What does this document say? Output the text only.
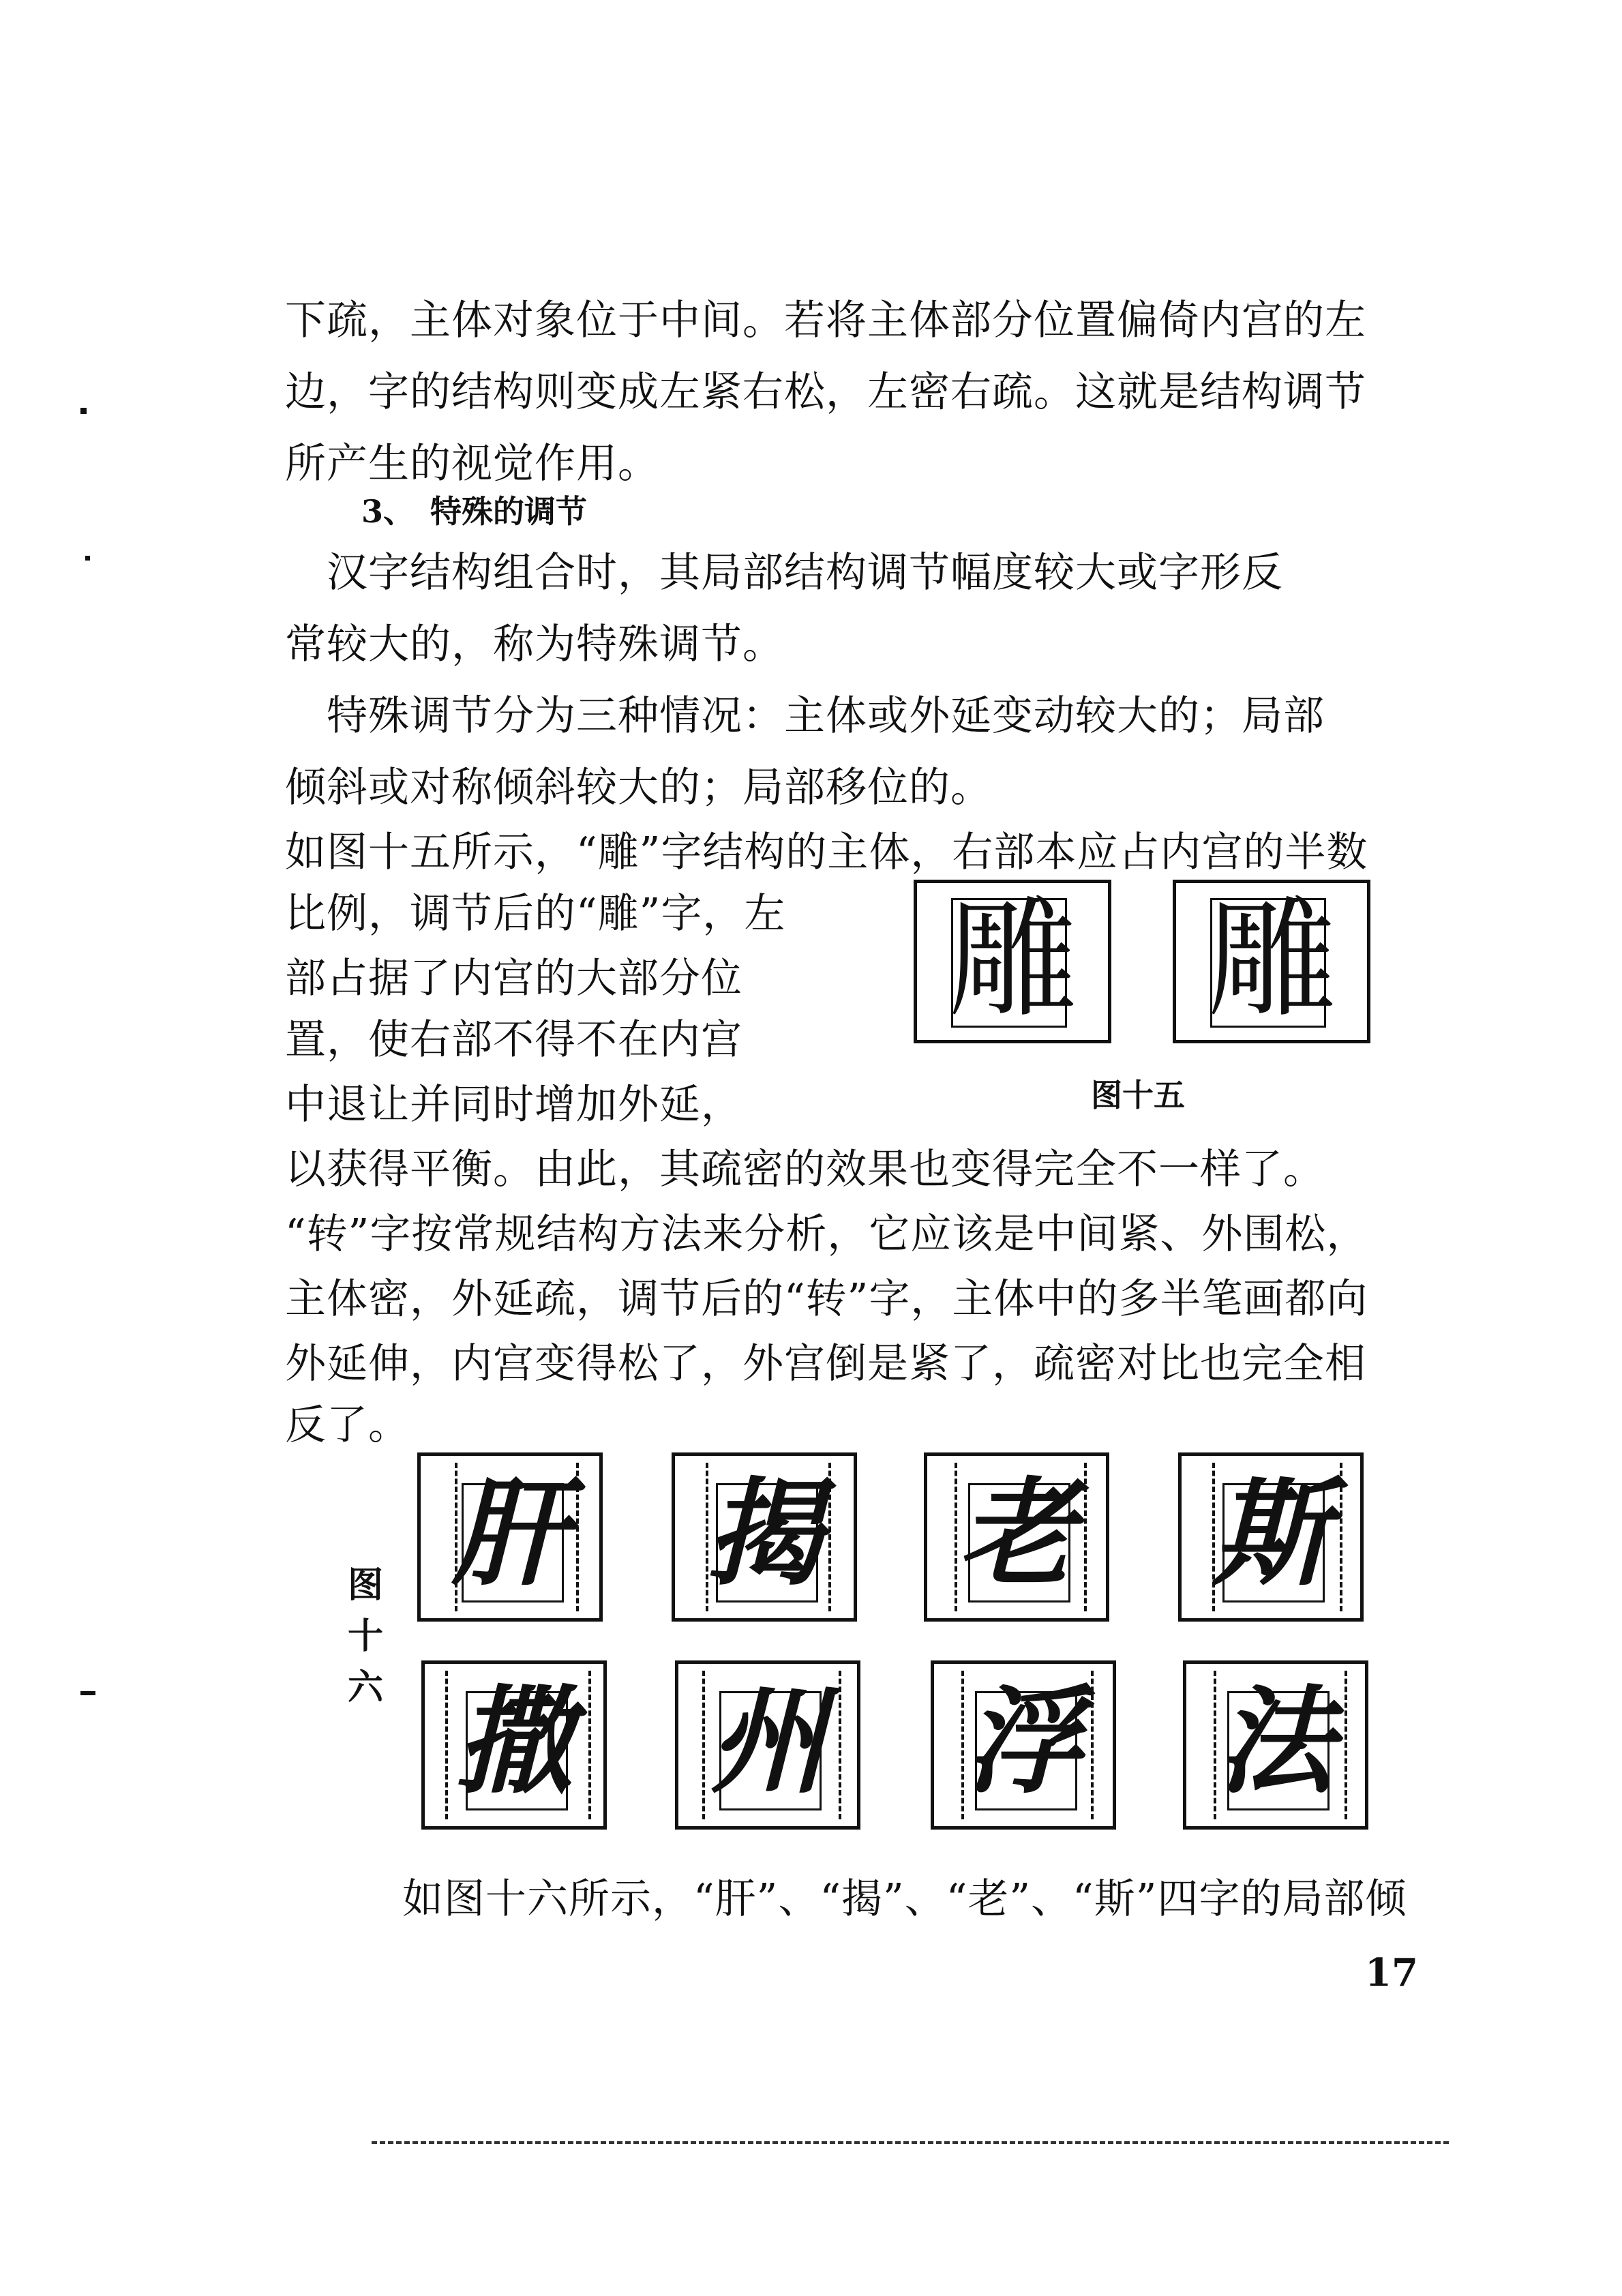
下疏，主体对象位于中间。若将主体部分位置偏倚内宫的左

边，字的结构则变成左紧右松，左密右疏。这就是结构调节

所产生的视觉作用。

3、　特殊的调节

　汉字结构组合时，其局部结构调节幅度较大或字形反

常较大的，称为特殊调节。

　特殊调节分为三种情况：主体或外延变动较大的；局部

倾斜或对称倾斜较大的；局部移位的。

如图十五所示，“雕”字结构的主体，右部本应占内宫的半数

比例，调节后的“雕”字，左

部占据了内宫的大部分位

置，使右部不得不在内宫

中退让并同时增加外延，

雕 雕
图十五

以获得平衡。由此，其疏密的效果也变得完全不一样了。

“转”字按常规结构方法来分析，它应该是中间紧、外围松，

主体密，外延疏，调节后的“转”字，主体中的多半笔画都向

外延伸，内宫变得松了，外宫倒是紧了，疏密对比也完全相

反了。

图
十
六
肝 揭 老 斯
撒 州 浮 法

如图十六所示，“肝”、“揭”、“老”、“斯”四字的局部倾

17
